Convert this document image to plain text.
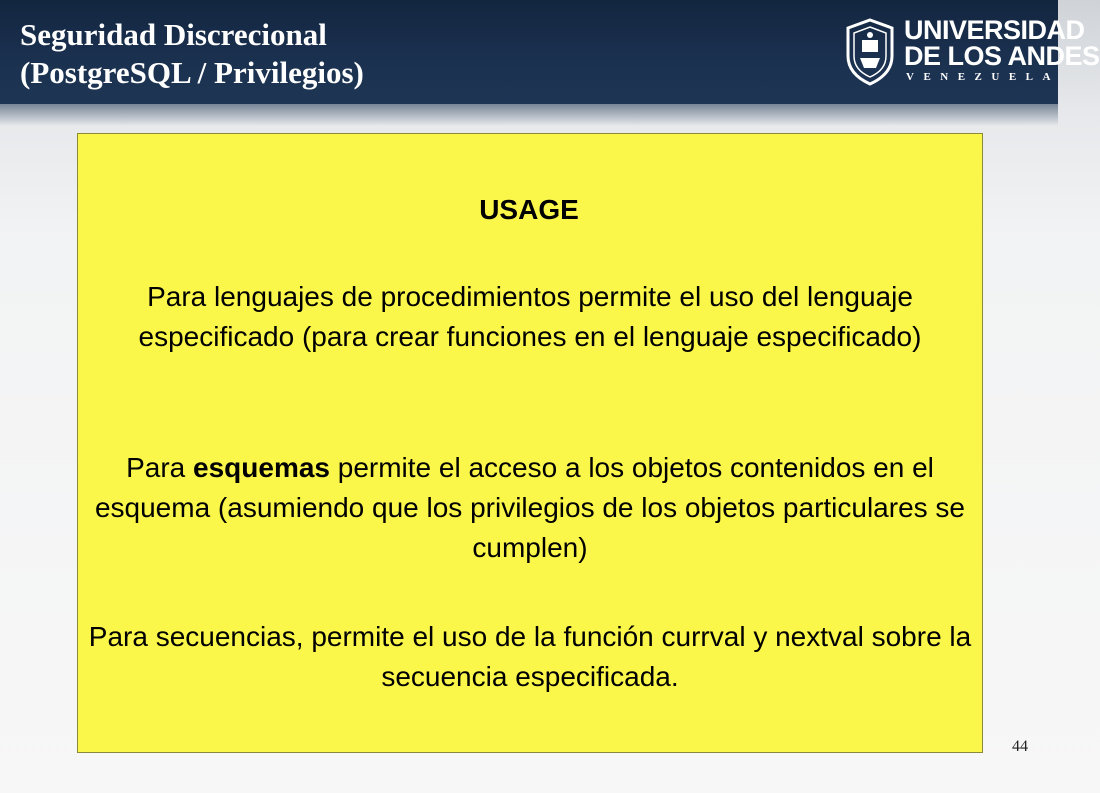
Seguridad Discrecional
(PostgreSQL / Privilegios)
UNIVERSIDAD
DE LOS ANDES
VENEZUELA
USAGE

Para lenguajes de procedimientos permite el uso del lenguaje especificado (para crear funciones en el lenguaje especificado)

Para esquemas permite el acceso a los objetos contenidos en el esquema (asumiendo que los privilegios de los objetos particulares se cumplen)

Para secuencias, permite el uso de la función currval y nextval sobre la secuencia especificada.

44
